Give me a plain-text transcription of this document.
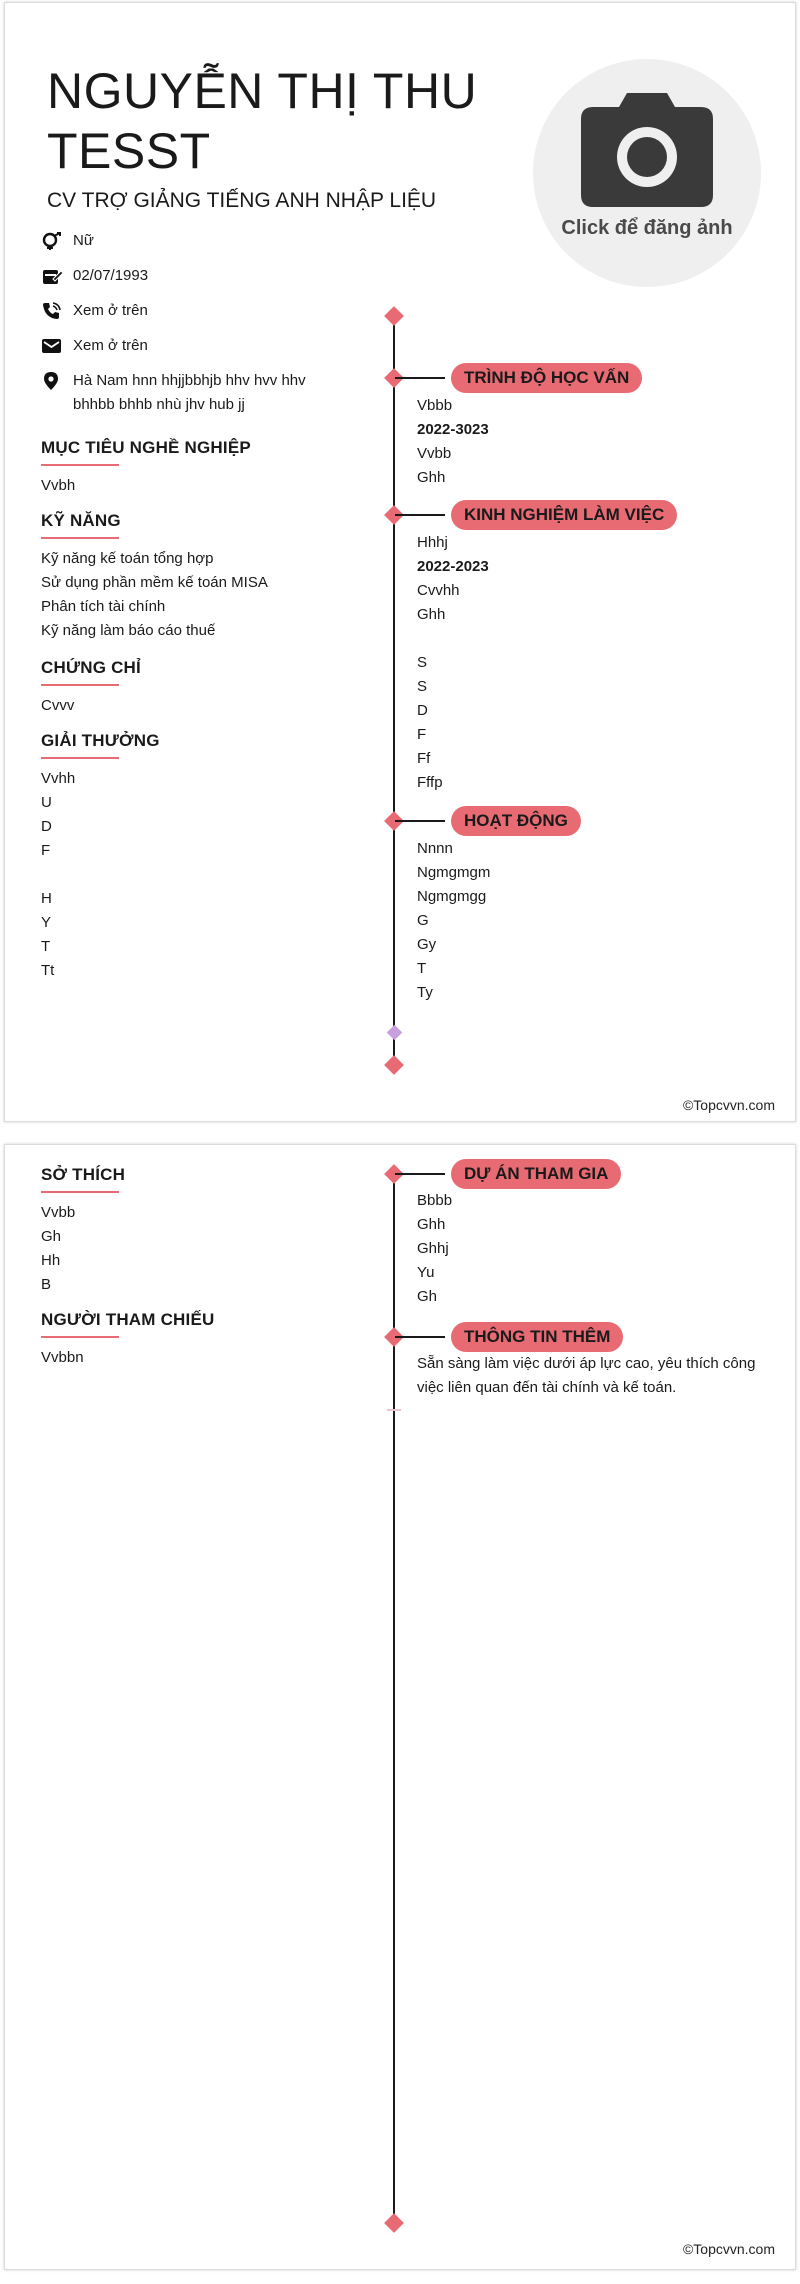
NGUYỄN THỊ THU
TESST
CV TRỢ GIẢNG TIẾNG ANH NHẬP LIỆU
Click để đăng ảnh
Nữ
02/07/1993
Xem ở trên
Xem ở trên
Hà Nam hnn hhjjbbhjb hhv hvv hhv bhhbb bhhb nhù jhv hub jj
MỤC TIÊU NGHỀ NGHIỆP
Vvbh
KỸ NĂNG
Kỹ năng kế toán tổng hợp
Sử dụng phần mềm kế toán MISA
Phân tích tài chính
Kỹ năng làm báo cáo thuế
CHỨNG CHỈ
Cvvv
GIẢI THƯỞNG
Vvhh
U
D
F
H
Y
T
Tt
TRÌNH ĐỘ HỌC VẤN
Vbbb
2022-3023
Vvbb
Ghh
KINH NGHIỆM LÀM VIỆC
Hhhj
2022-2023
Cvvhh
Ghh
S
S
D
F
Ff
Fffp
HOẠT ĐỘNG
Nnnn
Ngmgmgm
Ngmgmgg
G
Gy
T
Ty
©Topcvvn.com
SỞ THÍCH
Vvbb
Gh
Hh
B
NGƯỜI THAM CHIẾU
Vvbbn
DỰ ÁN THAM GIA
Bbbb
Ghh
Ghhj
Yu
Gh
THÔNG TIN THÊM
Sẵn sàng làm việc dưới áp lực cao, yêu thích công việc liên quan đến tài chính và kế toán.
©Topcvvn.com
